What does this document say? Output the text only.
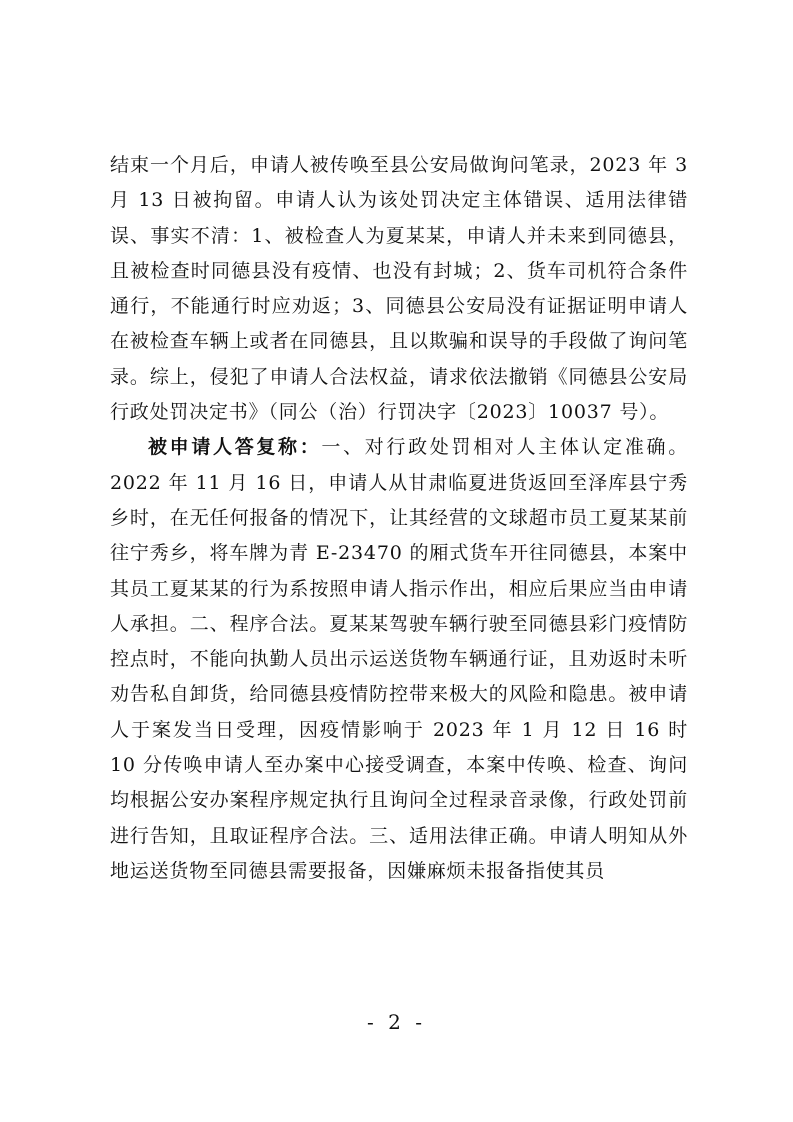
结束一个月后，申请人被传唤至县公安局做询问笔录，2023 年 3 月 13 日被拘留。申请人认为该处罚决定主体错误、适用法律错误、事实不清：1、被检查人为夏某某，申请人并未来到同德县，且被检查时同德县没有疫情、也没有封城；2、货车司机符合条件通行，不能通行时应劝返；3、同德县公安局没有证据证明申请人在被检查车辆上或者在同德县，且以欺骗和误导的手段做了询问笔录。综上，侵犯了申请人合法权益，请求依法撤销《同德县公安局行政处罚决定书》（同公（治）行罚决字〔2023〕10037 号）。

被申请人答复称：一、对行政处罚相对人主体认定准确。2022 年 11 月 16 日，申请人从甘肃临夏进货返回至泽库县宁秀乡时，在无任何报备的情况下，让其经营的文球超市员工夏某某前往宁秀乡，将车牌为青 E-23470 的厢式货车开往同德县，本案中其员工夏某某的行为系按照申请人指示作出，相应后果应当由申请人承担。二、程序合法。夏某某驾驶车辆行驶至同德县彩门疫情防控点时，不能向执勤人员出示运送货物车辆通行证，且劝返时未听劝告私自卸货，给同德县疫情防控带来极大的风险和隐患。被申请人于案发当日受理，因疫情影响于 2023 年 1 月 12 日 16 时 10 分传唤申请人至办案中心接受调查，本案中传唤、检查、询问均根据公安办案程序规定执行且询问全过程录音录像，行政处罚前进行告知，且取证程序合法。三、适用法律正确。申请人明知从外地运送货物至同德县需要报备，因嫌麻烦未报备指使其员

- 2 -
